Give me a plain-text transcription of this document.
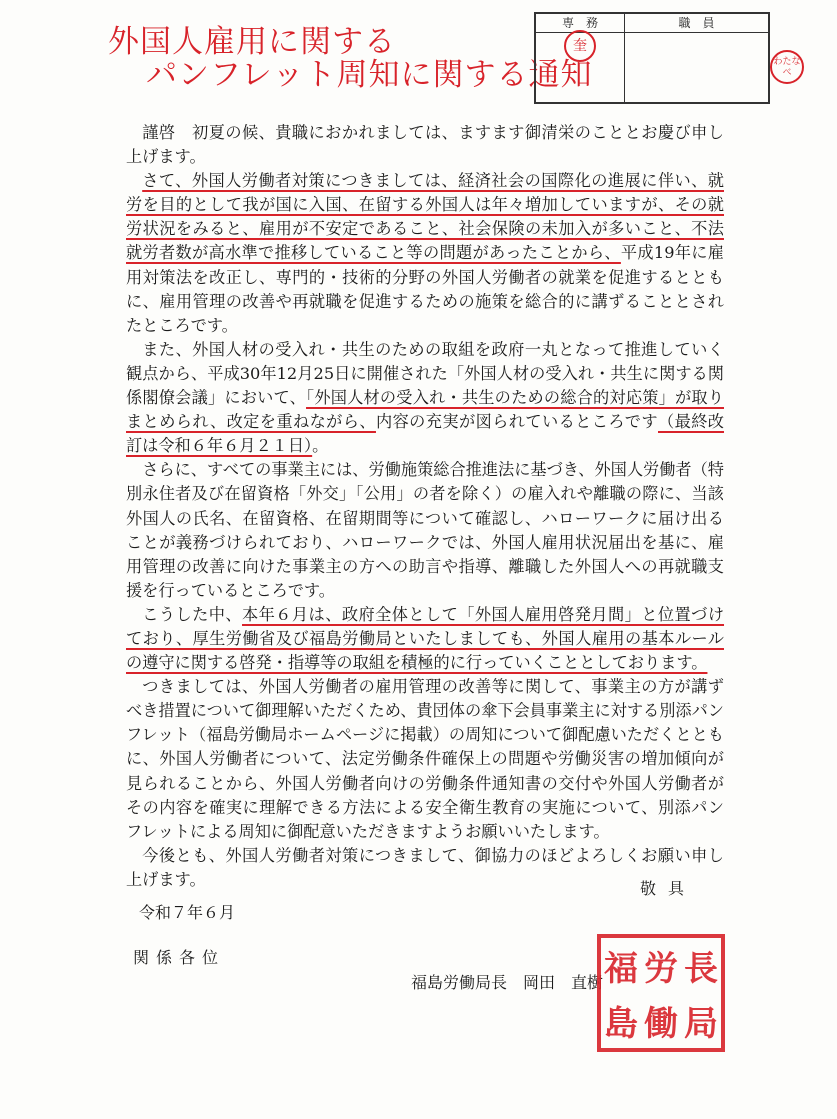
外国人雇用に関する
パンフレット周知に関する通知
専　務	職　員
奎
わたなべ

謹啓　初夏の候、貴職におかれましては、ますます御清栄のこととお慶び申し上げます。

さて、外国人労働者対策につきましては、経済社会の国際化の進展に伴い、就労を目的として我が国に入国、在留する外国人は年々増加していますが、その就労状況をみると、雇用が不安定であること、社会保険の未加入が多いこと、不法就労者数が高水準で推移していること等の問題があったことから、平成19年に雇用対策法を改正し、専門的・技術的分野の外国人労働者の就業を促進するとともに、雇用管理の改善や再就職を促進するための施策を総合的に講ずることとされたところです。

また、外国人材の受入れ・共生のための取組を政府一丸となって推進していく観点から、平成30年12月25日に開催された「外国人材の受入れ・共生に関する関係閣僚会議」において、「外国人材の受入れ・共生のための総合的対応策」が取りまとめられ、改定を重ねながら、内容の充実が図られているところです（最終改訂は令和６年６月２１日）。

さらに、すべての事業主には、労働施策総合推進法に基づき、外国人労働者（特別永住者及び在留資格「外交」「公用」の者を除く）の雇入れや離職の際に、当該外国人の氏名、在留資格、在留期間等について確認し、ハローワークに届け出ることが義務づけられており、ハローワークでは、外国人雇用状況届出を基に、雇用管理の改善に向けた事業主の方への助言や指導、離職した外国人への再就職支援を行っているところです。

こうした中、本年６月は、政府全体として「外国人雇用啓発月間」と位置づけており、厚生労働省及び福島労働局といたしましても、外国人雇用の基本ルールの遵守に関する啓発・指導等の取組を積極的に行っていくこととしております。

つきましては、外国人労働者の雇用管理の改善等に関して、事業主の方が講ずべき措置について御理解いただくため、貴団体の傘下会員事業主に対する別添パンフレット（福島労働局ホームページに掲載）の周知について御配慮いただくとともに、外国人労働者について、法定労働条件確保上の問題や労働災害の増加傾向が見られることから、外国人労働者向けの労働条件通知書の交付や外国人労働者がその内容を確実に理解できる方法による安全衛生教育の実施について、別添パンフレットによる周知に御配意いただきますようお願いいたします。

今後とも、外国人労働者対策につきまして、御協力のほどよろしくお願い申し上げます。	敬具
令和７年６月
関係各位
福島労働局長　岡田　直樹 福 労 長
島 働 局
